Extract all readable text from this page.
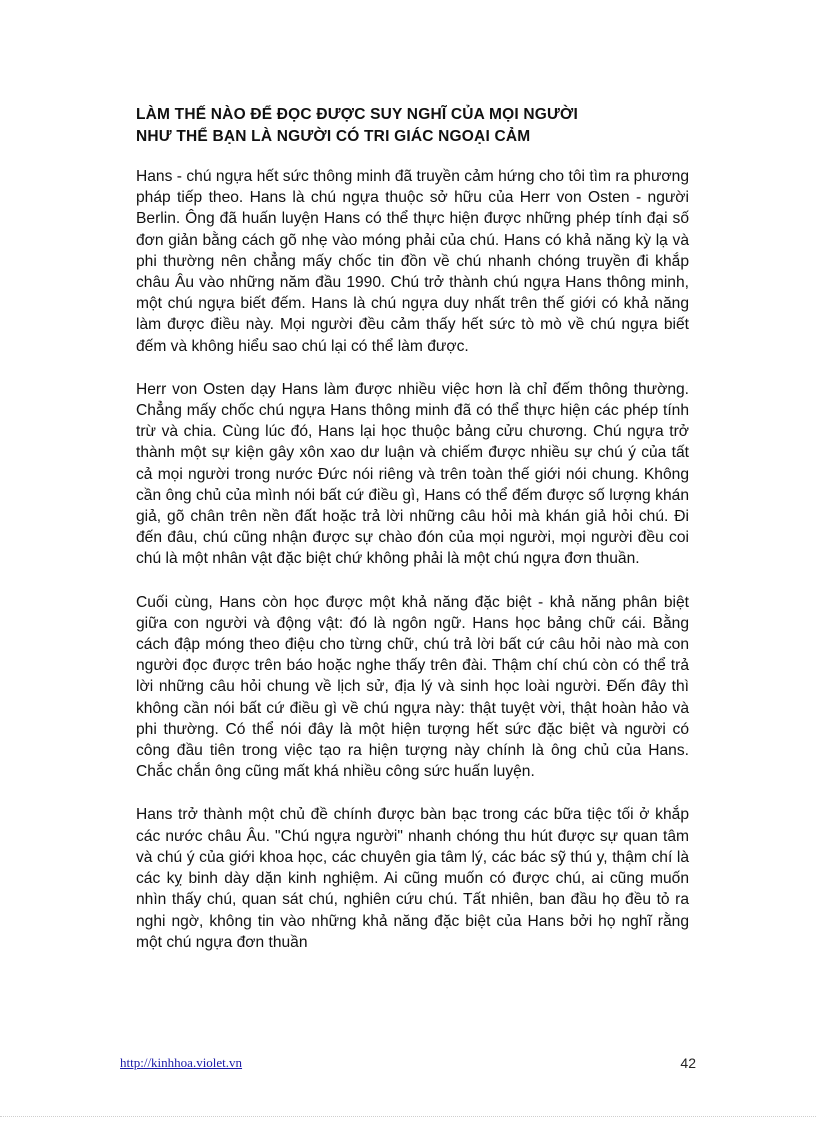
LÀM THẾ NÀO ĐỂ ĐỌC ĐƯỢC SUY NGHĨ CỦA MỌI NGƯỜI
NHƯ THỂ BẠN LÀ NGƯỜI CÓ TRI GIÁC NGOẠI CẢM

Hans - chú ngựa hết sức thông minh đã truyền cảm hứng cho tôi tìm ra phương pháp tiếp theo. Hans là chú ngựa thuộc sở hữu của Herr von Osten - người Berlin. Ông đã huấn luyện Hans có thể thực hiện được những phép tính đại số đơn giản bằng cách gõ nhẹ vào móng phải của chú. Hans có khả năng kỳ lạ và phi thường nên chẳng mấy chốc tin đồn về chú nhanh chóng truyền đi khắp châu Âu vào những năm đầu 1990. Chú trở thành chú ngựa Hans thông minh, một chú ngựa biết đếm. Hans là chú ngựa duy nhất trên thế giới có khả năng làm được điều này. Mọi người đều cảm thấy hết sức tò mò về chú ngựa biết đếm và không hiểu sao chú lại có thể làm được.

Herr von Osten dạy Hans làm được nhiều việc hơn là chỉ đếm thông thường. Chẳng mấy chốc chú ngựa Hans thông minh đã có thể thực hiện các phép tính trừ và chia. Cùng lúc đó, Hans lại học thuộc bảng cửu chương. Chú ngựa trở thành một sự kiện gây xôn xao dư luận và chiếm được nhiều sự chú ý của tất cả mọi người trong nước Đức nói riêng và trên toàn thế giới nói chung. Không cần ông chủ của mình nói bất cứ điều gì, Hans có thể đếm được số lượng khán giả, gõ chân trên nền đất hoặc trả lời những câu hỏi mà khán giả hỏi chú. Đi đến đâu, chú cũng nhận được sự chào đón của mọi người, mọi người đều coi chú là một nhân vật đặc biệt chứ không phải là một chú ngựa đơn thuần.

Cuối cùng, Hans còn học được một khả năng đặc biệt - khả năng phân biệt giữa con người và động vật: đó là ngôn ngữ. Hans học bảng chữ cái. Bằng cách đập móng theo điệu cho từng chữ, chú trả lời bất cứ câu hỏi nào mà con người đọc được trên báo hoặc nghe thấy trên đài. Thậm chí chú còn có thể trả lời những câu hỏi chung về lịch sử, địa lý và sinh học loài người. Đến đây thì không cần nói bất cứ điều gì về chú ngựa này: thật tuyệt vời, thật hoàn hảo và phi thường. Có thể nói đây là một hiện tượng hết sức đặc biệt và người có công đầu tiên trong việc tạo ra hiện tượng này chính là ông chủ của Hans. Chắc chắn ông cũng mất khá nhiều công sức huấn luyện.

Hans trở thành một chủ đề chính được bàn bạc trong các bữa tiệc tối ở khắp các nước châu Âu. "Chú ngựa người" nhanh chóng thu hút được sự quan tâm và chú ý của giới khoa học, các chuyên gia tâm lý, các bác sỹ thú y, thậm chí là các kỵ binh dày dặn kinh nghiệm. Ai cũng muốn có được chú, ai cũng muốn nhìn thấy chú, quan sát chú, nghiên cứu chú. Tất nhiên, ban đầu họ đều tỏ ra nghi ngờ, không tin vào những khả năng đặc biệt của Hans bởi họ nghĩ rằng một chú ngựa đơn thuần

http://kinhhoa.violet.vn	42
